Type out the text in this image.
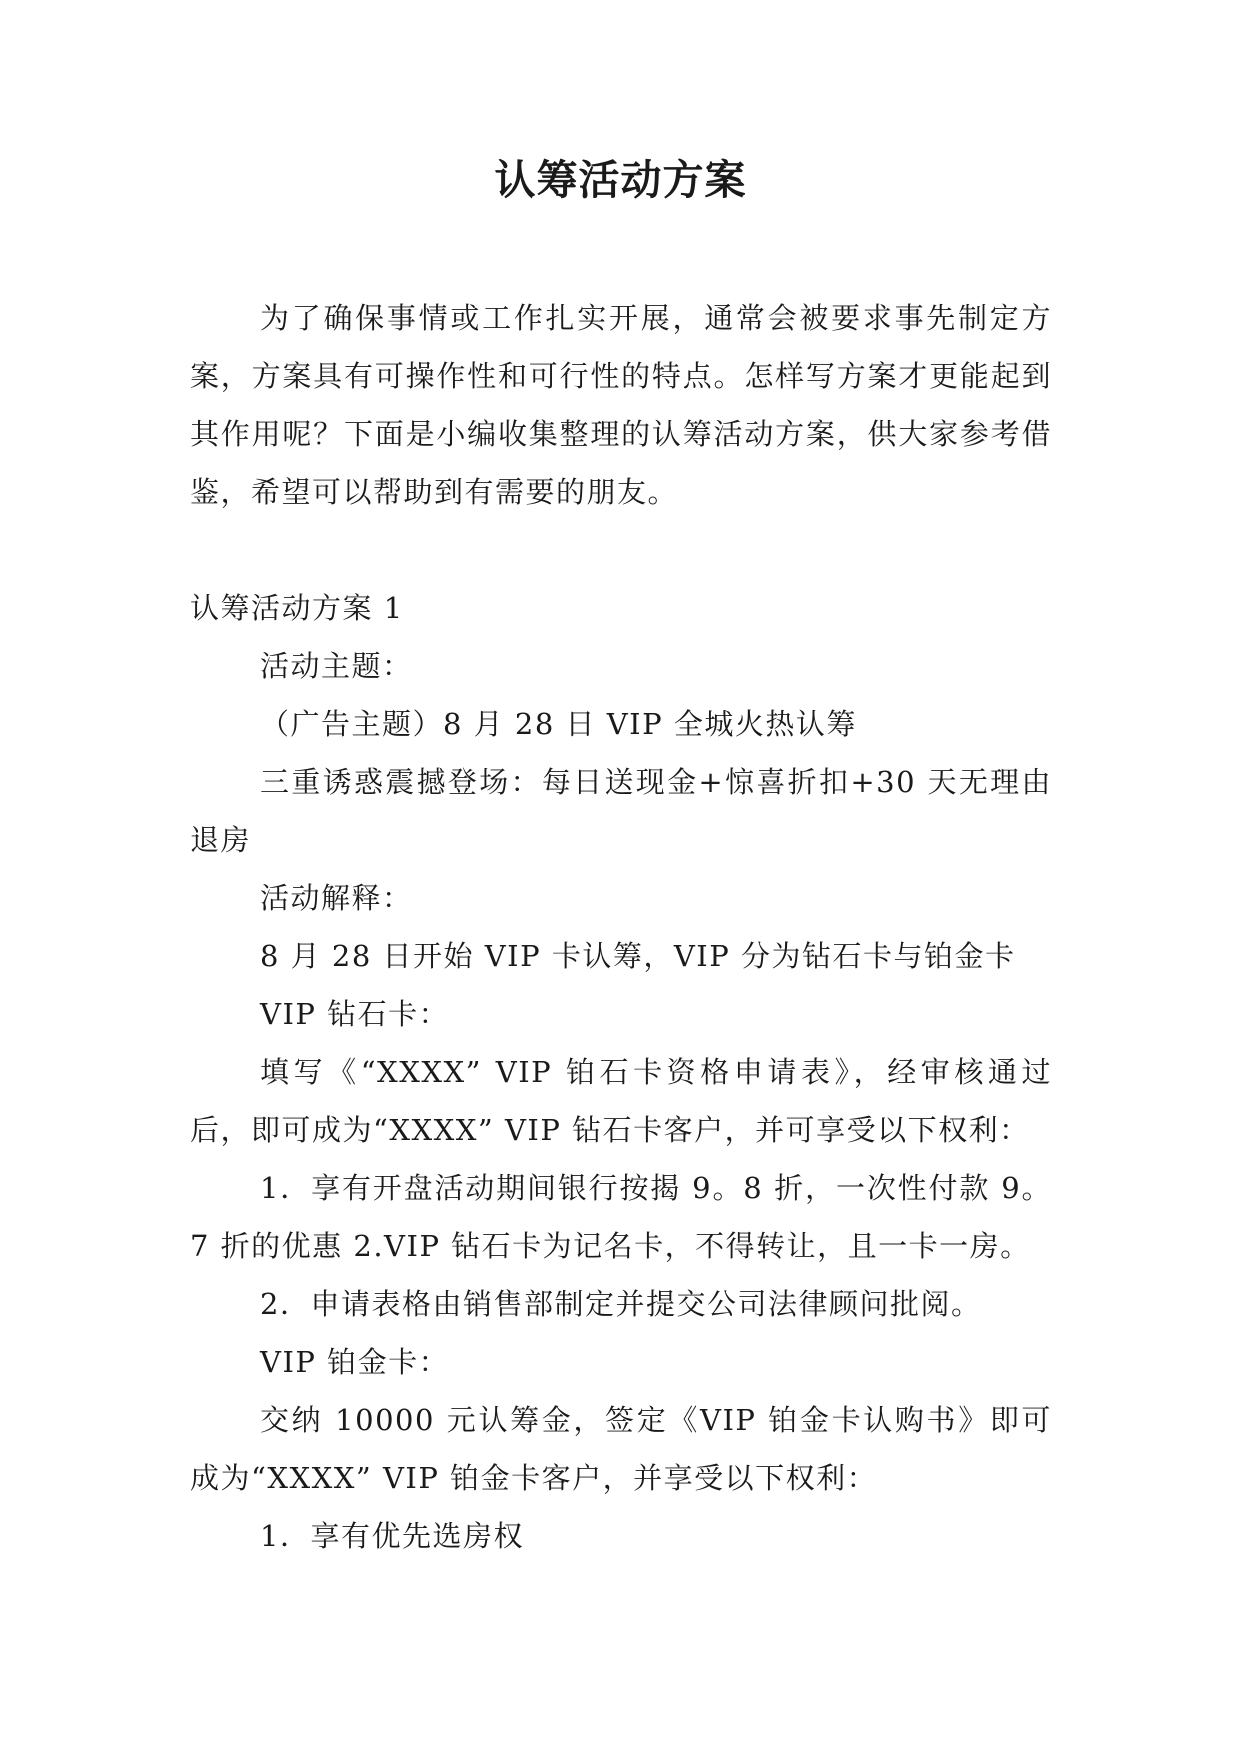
认筹活动方案

为了确保事情或工作扎实开展，通常会被要求事先制定方案，方案具有可操作性和可行性的特点。怎样写方案才更能起到其作用呢？下面是小编收集整理的认筹活动方案，供大家参考借鉴，希望可以帮助到有需要的朋友。

认筹活动方案 1

活动主题：

（广告主题）8 月 28 日 VIP 全城火热认筹

三重诱惑震撼登场：每日送现金+惊喜折扣+30 天无理由退房

活动解释：

8 月 28 日开始 VIP 卡认筹，VIP 分为钻石卡与铂金卡

VIP 钻石卡：

填写《“XXXX” VIP 铂石卡资格申请表》，经审核通过后，即可成为“XXXX” VIP 钻石卡客户，并可享受以下权利：

1．享有开盘活动期间银行按揭 9。8 折，一次性付款 9。7 折的优惠 2.VIP 钻石卡为记名卡，不得转让，且一卡一房。

2．申请表格由销售部制定并提交公司法律顾问批阅。

VIP 铂金卡：

交纳 10000 元认筹金，签定《VIP 铂金卡认购书》即可成为“XXXX” VIP 铂金卡客户，并享受以下权利：

1．享有优先选房权
